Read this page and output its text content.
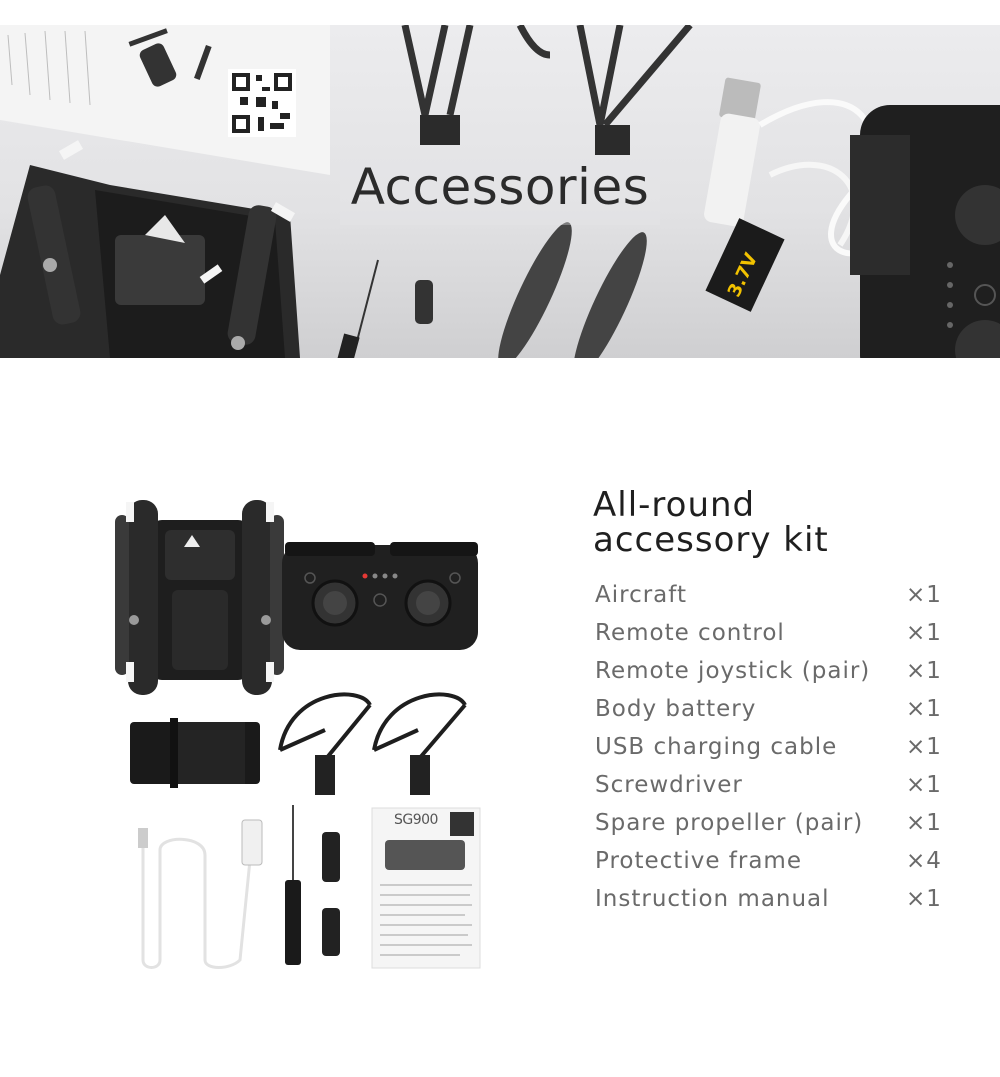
3.7V
Accessories
SG900
All-round
accessory kit
Aircraft	×1
Remote control	×1
Remote joystick (pair) ×1
Body battery	×1
USB charging cable	×1
Screwdriver	×1
Spare propeller (pair) ×1
Protective frame	×4
Instruction manual	×1
